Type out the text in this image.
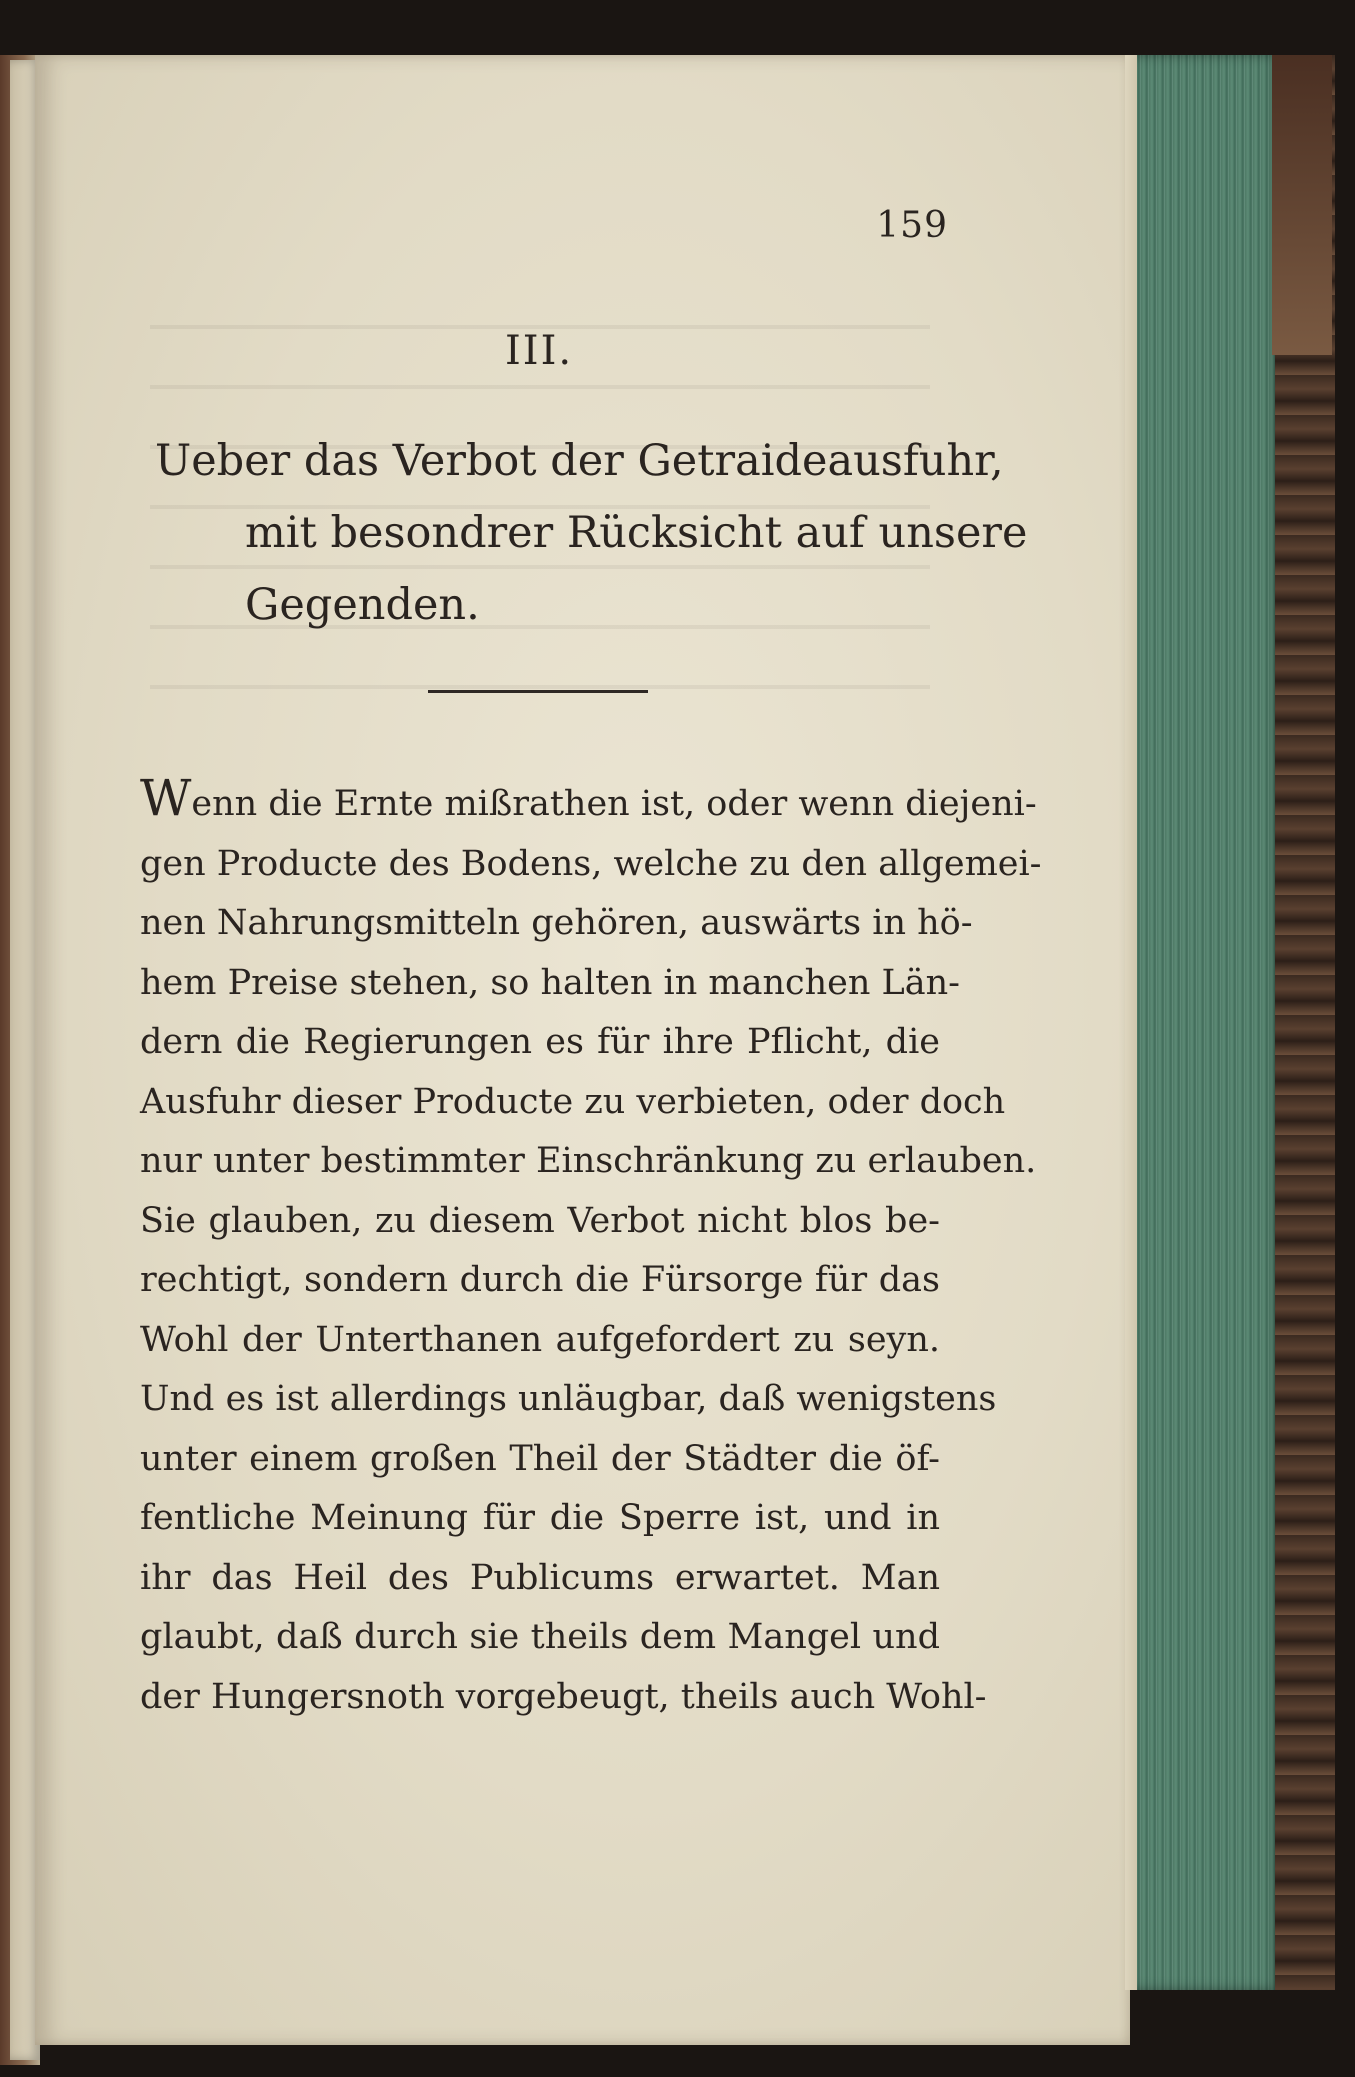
159
III.
Ueber das Verbot der Getraideausfuhr,
mit besondrer Rücksicht auf unsere
Gegenden.
Wenn die Ernte mißrathen ist, oder wenn diejeni-
gen Producte des Bodens, welche zu den allgemei-
nen Nahrungsmitteln gehören, auswärts in hö-
hem Preise stehen, so halten in manchen Län-
dern die Regierungen es für ihre Pflicht, die
Ausfuhr dieser Producte zu verbieten, oder doch
nur unter bestimmter Einschränkung zu erlauben.
Sie glauben, zu diesem Verbot nicht blos be-
rechtigt, sondern durch die Fürsorge für das
Wohl der Unterthanen aufgefordert zu seyn.
Und es ist allerdings unläugbar, daß wenigstens
unter einem großen Theil der Städter die öf-
fentliche Meinung für die Sperre ist, und in
ihr das Heil des Publicums erwartet. Man
glaubt, daß durch sie theils dem Mangel und
der Hungersnoth vorgebeugt, theils auch Wohl-
